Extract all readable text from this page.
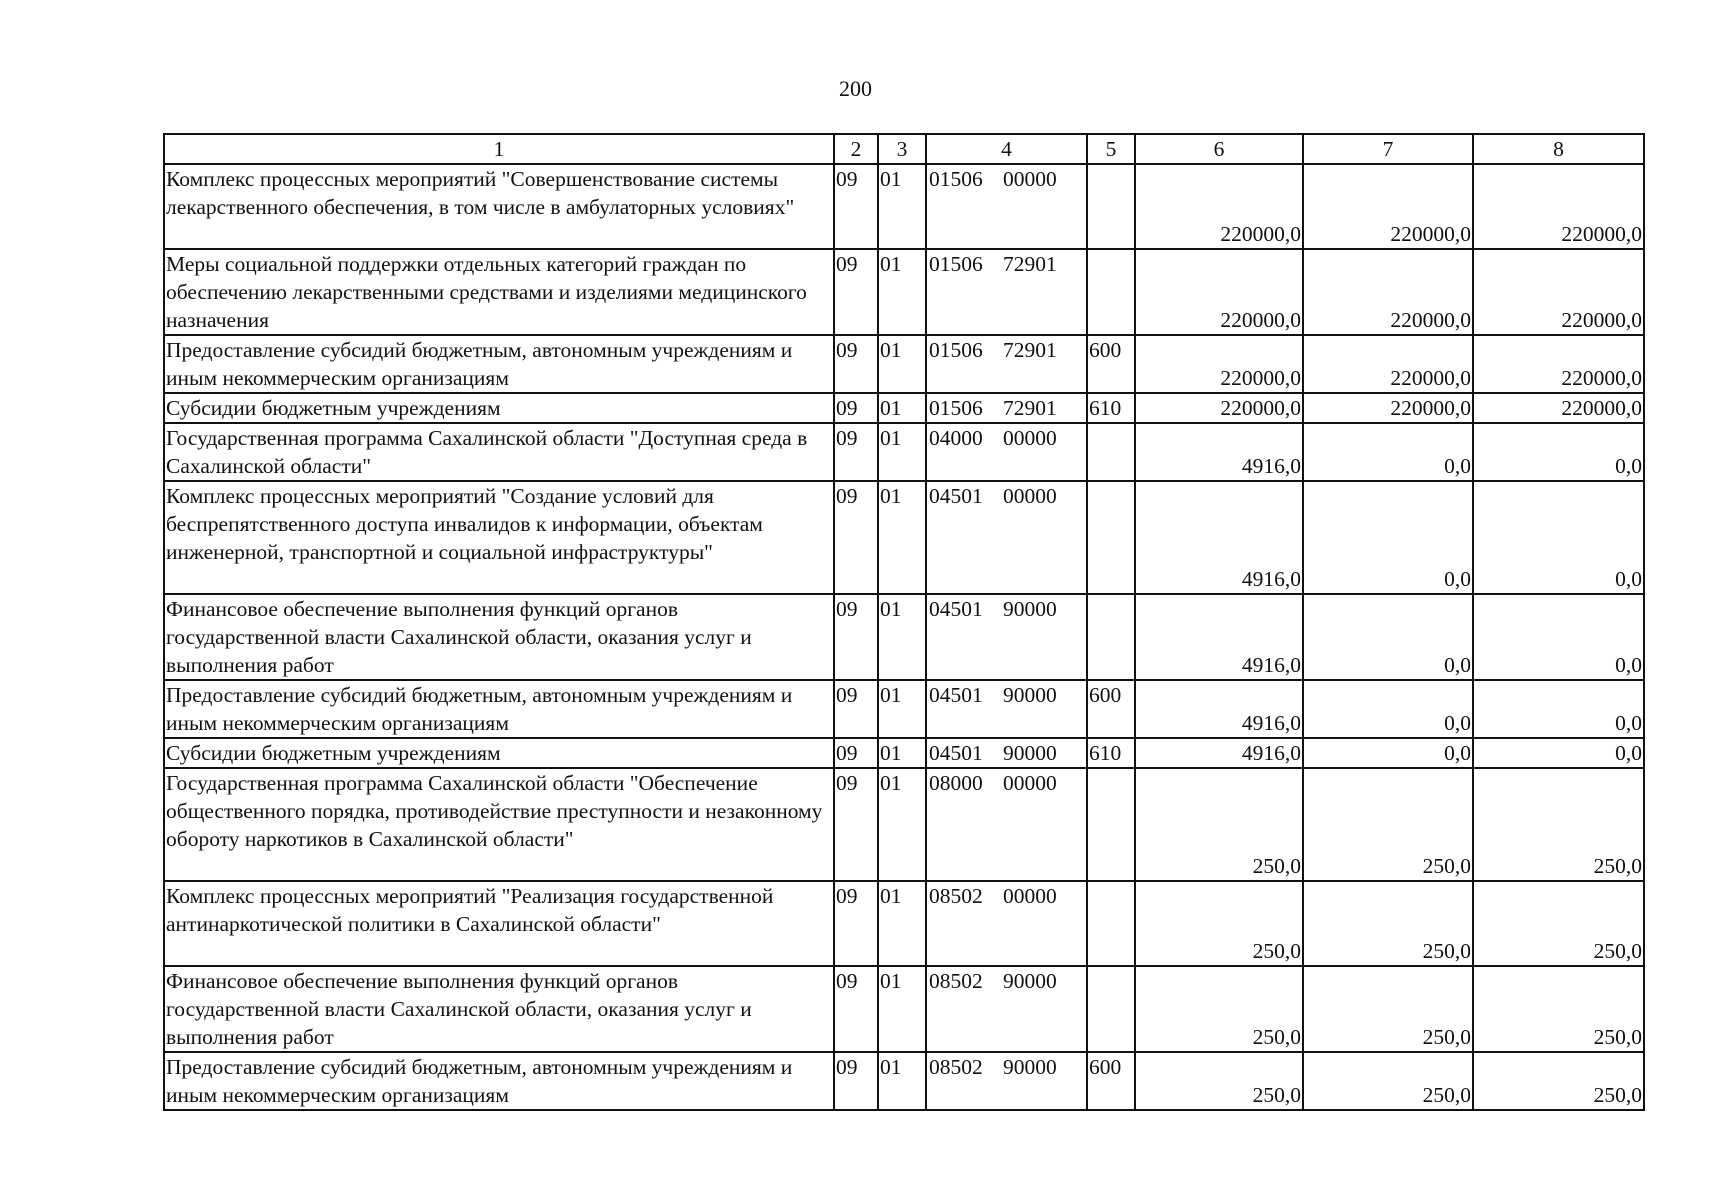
200
1	2	3	4	5	6	7	8
Комплекс процессных мероприятий "Совершенствование системы лекарственного обеспечения, в том числе в амбулаторных условиях"	09	01	01506 00000		220000,0	220000,0	220000,0
Меры социальной поддержки отдельных категорий граждан по обеспечению лекарственными средствами и изделиями медицинского назначения	09	01	01506 72901		220000,0	220000,0	220000,0
Предоставление субсидий бюджетным, автономным учреждениям и иным некоммерческим организациям	09	01	01506 72901	600	220000,0	220000,0	220000,0
Субсидии бюджетным учреждениям	09	01	01506 72901	610	220000,0	220000,0	220000,0
Государственная программа Сахалинской области "Доступная среда в Сахалинской области"	09	01	04000 00000		4916,0	0,0	0,0
Комплекс процессных мероприятий "Создание условий для беспрепятственного доступа инвалидов к информации, объектам инженерной, транспортной и социальной инфраструктуры"	09	01	04501 00000		4916,0	0,0	0,0
Финансовое обеспечение выполнения функций органов государственной власти Сахалинской области, оказания услуг и выполнения работ	09	01	04501 90000		4916,0	0,0	0,0
Предоставление субсидий бюджетным, автономным учреждениям и иным некоммерческим организациям	09	01	04501 90000	600	4916,0	0,0	0,0
Субсидии бюджетным учреждениям	09	01	04501 90000	610	4916,0	0,0	0,0
Государственная программа Сахалинской области "Обеспечение общественного порядка, противодействие преступности и незаконному обороту наркотиков в Сахалинской области"	09	01	08000 00000		250,0	250,0	250,0
Комплекс процессных мероприятий "Реализация государственной антинаркотической политики в Сахалинской области"	09	01	08502 00000		250,0	250,0	250,0
Финансовое обеспечение выполнения функций органов государственной власти Сахалинской области, оказания услуг и выполнения работ	09	01	08502 90000		250,0	250,0	250,0
Предоставление субсидий бюджетным, автономным учреждениям и иным некоммерческим организациям	09	01	08502 90000	600	250,0	250,0	250,0
